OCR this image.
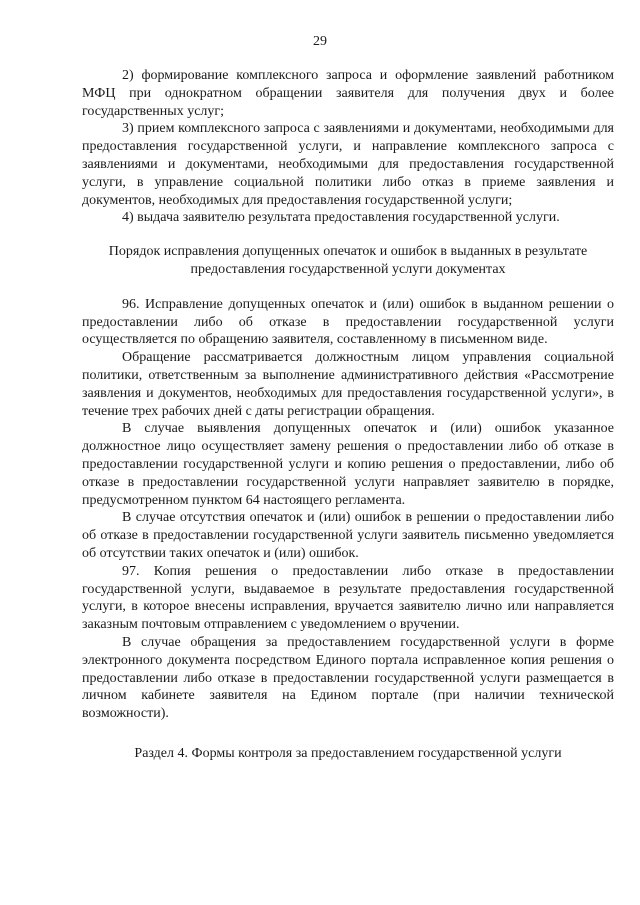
29

2) формирование комплексного запроса и оформление заявлений работником МФЦ при однократном обращении заявителя для получения двух и более государственных услуг;

3) прием комплексного запроса с заявлениями и документами, необходимыми для предоставления государственной услуги, и направление комплексного запроса с заявлениями и документами, необходимыми для предоставления государственной услуги, в управление социальной политики либо отказ в приеме заявления и документов, необходимых для предоставления государственной услуги;

4) выдача заявителю результата предоставления государственной услуги.

Порядок исправления допущенных опечаток и ошибок в выданных в результате предоставления государственной услуги документах

96. Исправление допущенных опечаток и (или) ошибок в выданном решении о предоставлении либо об отказе в предоставлении государственной услуги осуществляется по обращению заявителя, составленному в письменном виде.

Обращение рассматривается должностным лицом управления социальной политики, ответственным за выполнение административного действия «Рассмотрение заявления и документов, необходимых для предоставления государственной услуги», в течение трех рабочих дней с даты регистрации обращения.

В случае выявления допущенных опечаток и (или) ошибок указанное должностное лицо осуществляет замену решения о предоставлении либо об отказе в предоставлении государственной услуги и копию решения о предоставлении, либо об отказе в предоставлении государственной услуги направляет заявителю в порядке, предусмотренном пунктом 64 настоящего регламента.

В случае отсутствия опечаток и (или) ошибок в решении о предоставлении либо об отказе в предоставлении государственной услуги заявитель письменно уведомляется об отсутствии таких опечаток и (или) ошибок.

97. Копия решения о предоставлении либо отказе в предоставлении государственной услуги, выдаваемое в результате предоставления государственной услуги, в которое внесены исправления, вручается заявителю лично или направляется заказным почтовым отправлением с уведомлением о вручении.

В случае обращения за предоставлением государственной услуги в форме электронного документа посредством Единого портала исправленное копия решения о предоставлении либо отказе в предоставлении государственной услуги размещается в личном кабинете заявителя на Едином портале (при наличии технической возможности).

Раздел 4. Формы контроля за предоставлением государственной услуги
